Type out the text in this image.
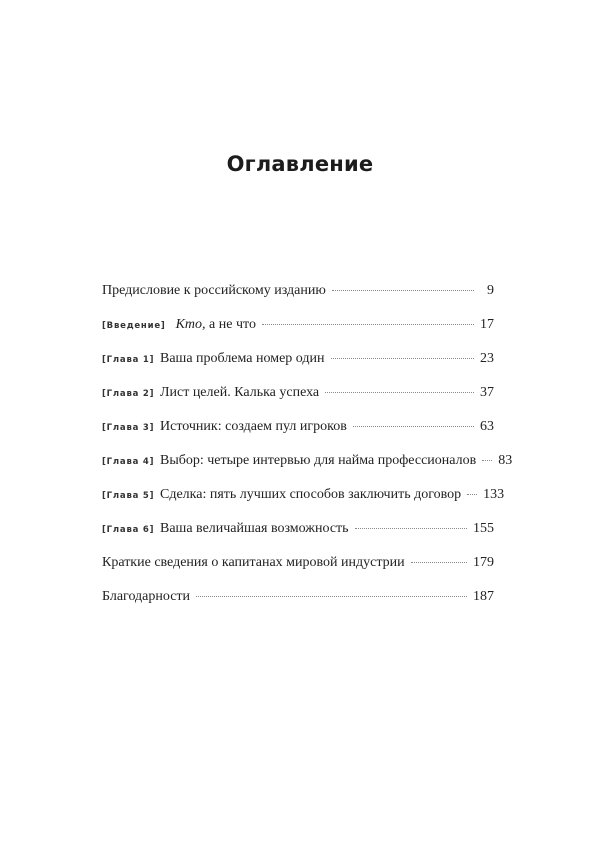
Оглавление
Предисловие к российскому изданию	9
[Введение] Кто, а не что	17
[Глава 1] Ваша проблема номер один	23
[Глава 2] Лист целей. Калька успеха	37
[Глава 3] Источник: создаем пул игроков	63
[Глава 4] Выбор: четыре интервью для найма профессионалов 83
[Глава 5] Сделка: пять лучших способов заключить договор 133
[Глава 6] Ваша величайшая возможность	155
Краткие сведения о капитанах мировой индустрии	179
Благодарности	187
